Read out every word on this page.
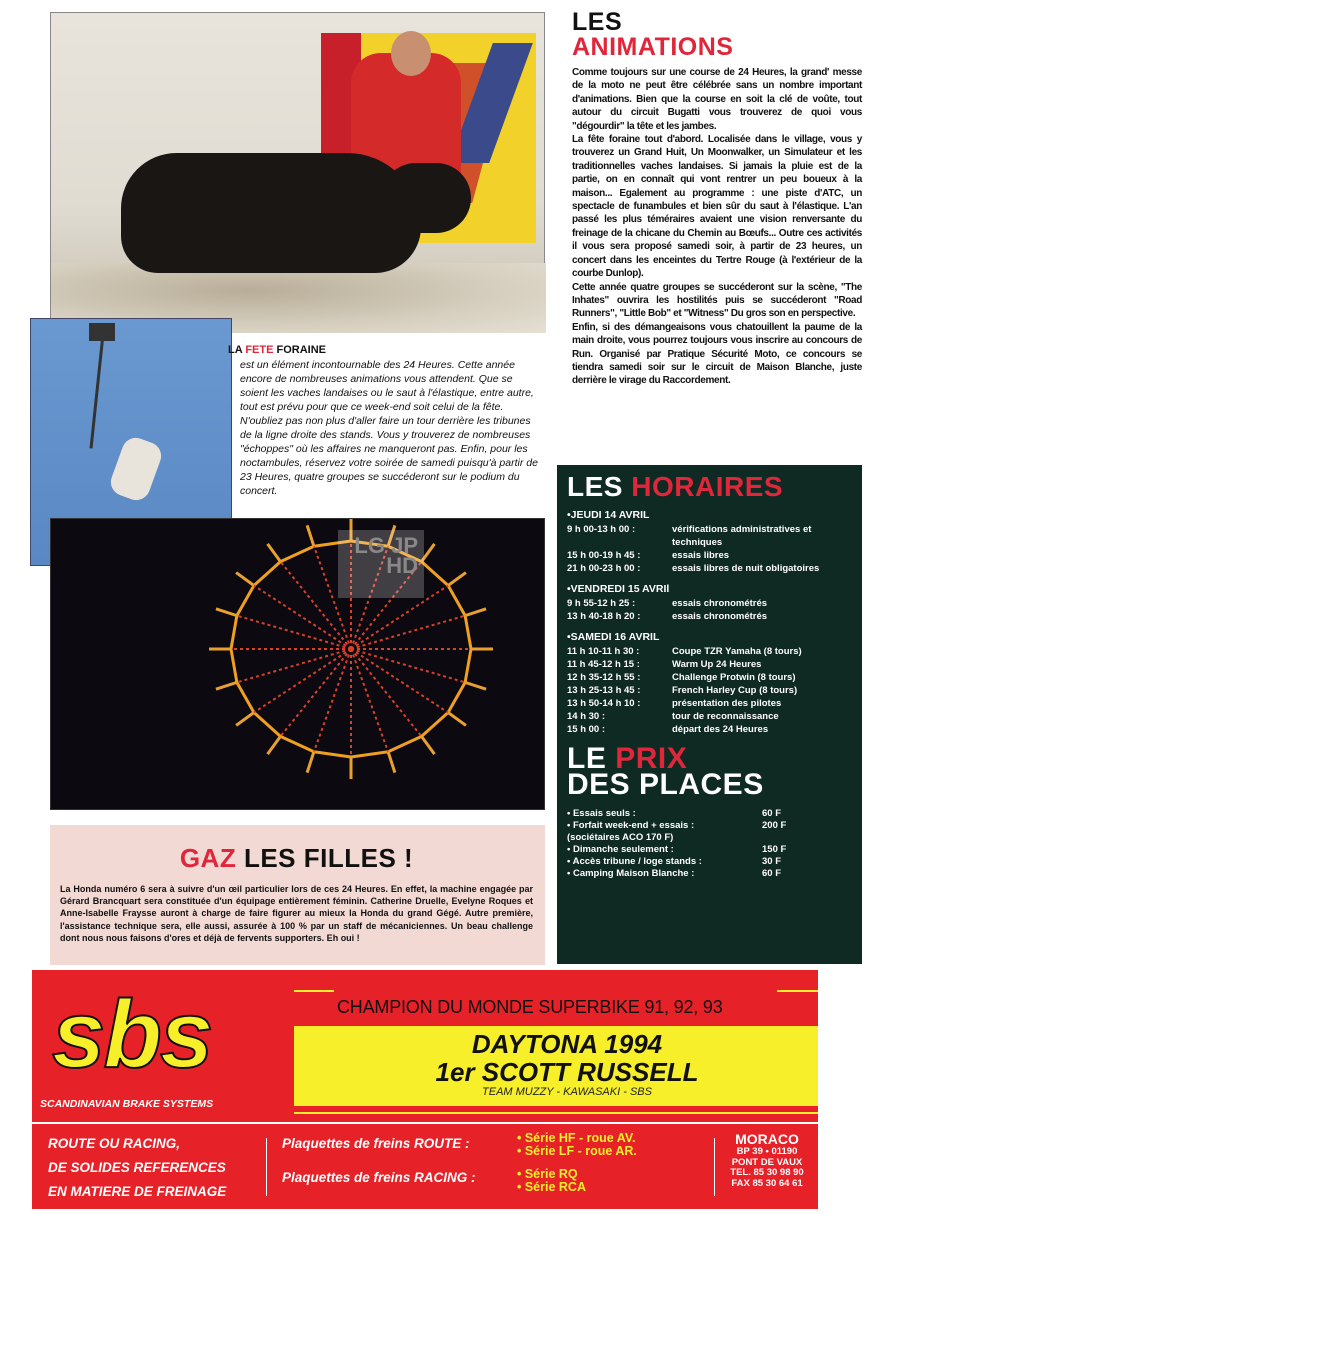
LA FETE FORAINE

est un élément incontournable des 24 Heures. Cette année encore de nombreuses animations vous attendent. Que se soient les vaches landaises ou le saut à l'élastique, entre autre, tout est prévu pour que ce week-end soit celui de la fête. N'oubliez pas non plus d'aller faire un tour derrière les tribunes de la ligne droite des stands. Vous y trouverez de nombreuses "échoppes" où les affaires ne manqueront pas. Enfin, pour les noctambules, réservez votre soirée de samedi puisqu'à partir de 23 Heures, quatre groupes se succéderont sur le podium du concert.

LG JP HD
LES
ANIMATIONS

Comme toujours sur une course de 24 Heures, la grand' messe de la moto ne peut être célébrée sans un nombre important d'animations. Bien que la course en soit la clé de voûte, tout autour du circuit Bugatti vous trouverez de quoi vous "dégourdir" la tête et les jambes.

La fête foraine tout d'abord. Localisée dans le village, vous y trouverez un Grand Huit, Un Moonwalker, un Simulateur et les traditionnelles vaches landaises. Si jamais la pluie est de la partie, on en connaît qui vont rentrer un peu boueux à la maison... Egalement au programme : une piste d'ATC, un spectacle de funambules et bien sûr du saut à l'élastique. L'an passé les plus téméraires avaient une vision renversante du freinage de la chicane du Chemin au Bœufs... Outre ces activités il vous sera proposé samedi soir, à partir de 23 heures, un concert dans les enceintes du Tertre Rouge (à l'extérieur de la courbe Dunlop).

Cette année quatre groupes se succéderont sur la scène, "The Inhates" ouvrira les hostilités puis se succéderont "Road Runners", "Little Bob" et "Witness" Du gros son en perspective.

Enfin, si des démangeaisons vous chatouillent la paume de la main droite, vous pourrez toujours vous inscrire au concours de Run. Organisé par Pratique Sécurité Moto, ce concours se tiendra samedi soir sur le circuit de Maison Blanche, juste derrière le virage du Raccordement.

LES HORAIRES
•JEUDI 14 AVRIL
9 h 00-13 h 00 :	vérifications administratives et techniques
15 h 00-19 h 45 :	essais libres
21 h 00-23 h 00 :	essais libres de nuit obligatoires
•VENDREDI 15 AVRIl
9 h 55-12 h 25 :	essais chronométrés
13 h 40-18 h 20 :	essais chronométrés
•SAMEDI 16 AVRIL
11 h 10-11 h 30 :	Coupe TZR Yamaha (8 tours)
11 h 45-12 h 15 :	Warm Up 24 Heures
12 h 35-12 h 55 :	Challenge Protwin (8 tours)
13 h 25-13 h 45 :	French Harley Cup (8 tours)
13 h 50-14 h 10 :	présentation des pilotes
14 h 30 :	tour de reconnaissance
15 h 00 :	départ des 24 Heures
LE PRIX
DES PLACES
• Essais seuls :	60 F
• Forfait week-end + essais :	200 F
(sociétaires ACO 170 F)
• Dimanche seulement :	150 F
• Accès tribune / loge stands :	30 F
• Camping Maison Blanche :	60 F
GAZ LES FILLES !

La Honda numéro 6 sera à suivre d'un œil particulier lors de ces 24 Heures. En effet, la machine engagée par Gérard Brancquart sera constituée d'un équipage entièrement féminin. Catherine Druelle, Evelyne Roques et Anne-Isabelle Fraysse auront à charge de faire figurer au mieux la Honda du grand Gégé. Autre première, l'assistance technique sera, elle aussi, assurée à 100 % par un staff de mécaniciennes. Un beau challenge dont nous nous faisons d'ores et déjà de fervents supporters. Eh oui !

CHAMPION DU MONDE SUPERBIKE 91, 92, 93
DAYTONA 1994
1er SCOTT RUSSELL
TEAM MUZZY - KAWASAKI - SBS
sbs
SCANDINAVIAN BRAKE SYSTEMS
ROUTE OU RACING,
DE SOLIDES REFERENCES
EN MATIERE DE FREINAGE
Plaquettes de freins ROUTE :
Plaquettes de freins RACING :
• Série HF - roue AV.
• Série LF - roue AR.
• Série RQ
• Série RCA
MORACO
BP 39 • 01190
PONT DE VAUX
TEL. 85 30 98 90
FAX 85 30 64 61
LA PUISSANCE QUI VOUS STOPPE.
